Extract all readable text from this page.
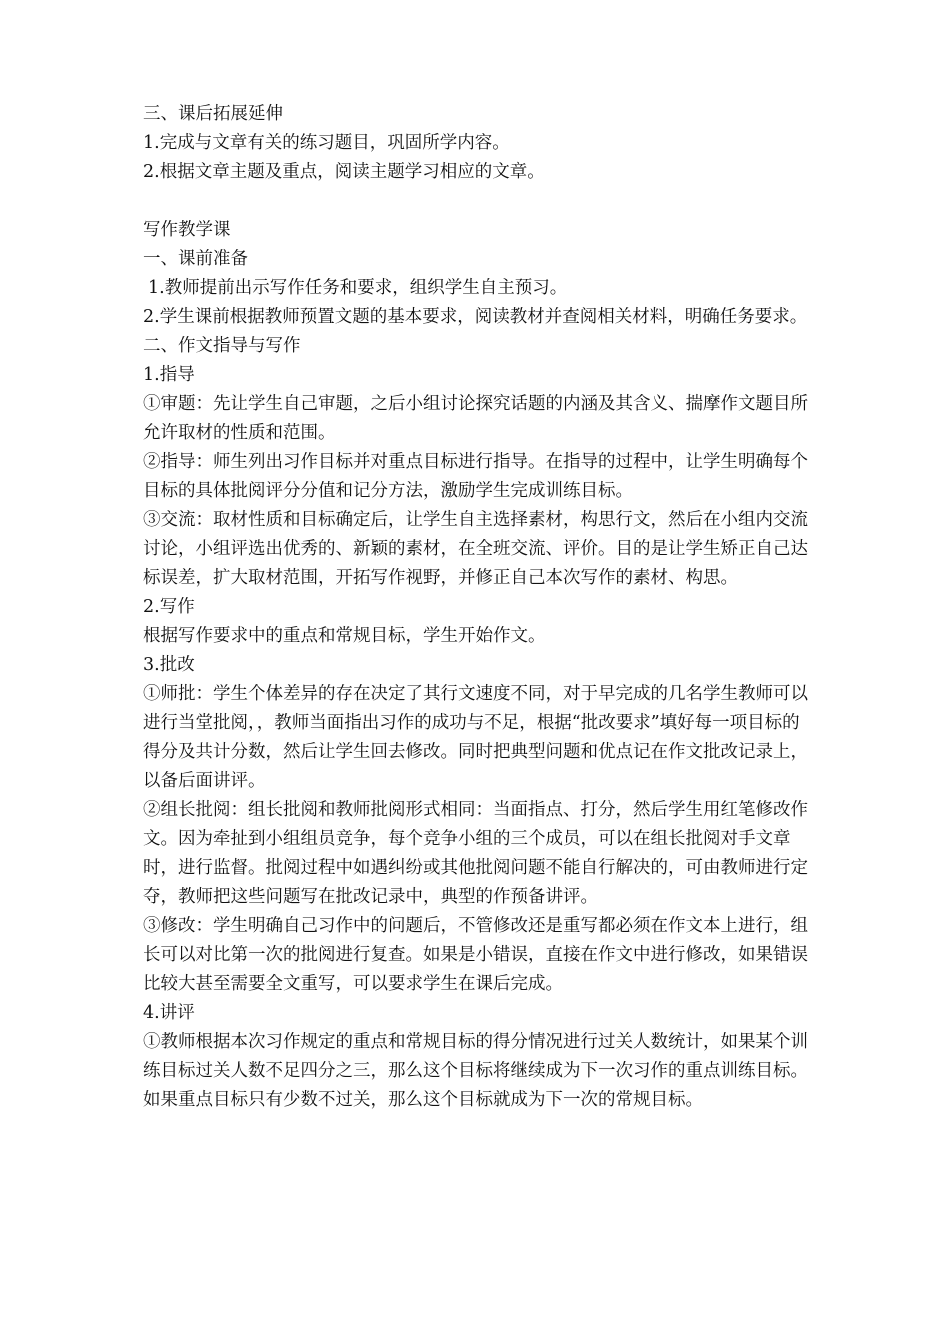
三、课后拓展延伸

1.完成与文章有关的练习题目，巩固所学内容。

2.根据文章主题及重点，阅读主题学习相应的文章。

写作教学课

一、课前准备

1.教师提前出示写作任务和要求，组织学生自主预习。

2.学生课前根据教师预置文题的基本要求，阅读教材并查阅相关材料，明确任务要求。

二、作文指导与写作

1.指导

①审题：先让学生自己审题，之后小组讨论探究话题的内涵及其含义、揣摩作文题目所允许取材的性质和范围。

②指导：师生列出习作目标并对重点目标进行指导。在指导的过程中，让学生明确每个目标的具体批阅评分分值和记分方法，激励学生完成训练目标。

③交流：取材性质和目标确定后，让学生自主选择素材，构思行文，然后在小组内交流讨论，小组评选出优秀的、新颖的素材，在全班交流、评价。目的是让学生矫正自己达标误差，扩大取材范围，开拓写作视野，并修正自己本次写作的素材、构思。

2.写作

根据写作要求中的重点和常规目标，学生开始作文。

3.批改

①师批：学生个体差异的存在决定了其行文速度不同，对于早完成的几名学生教师可以进行当堂批阅，，教师当面指出习作的成功与不足，根据“批改要求”填好每一项目标的得分及共计分数，然后让学生回去修改。同时把典型问题和优点记在作文批改记录上，以备后面讲评。

②组长批阅：组长批阅和教师批阅形式相同：当面指点、打分，然后学生用红笔修改作文。因为牵扯到小组组员竞争，每个竞争小组的三个成员，可以在组长批阅对手文章时，进行监督。批阅过程中如遇纠纷或其他批阅问题不能自行解决的，可由教师进行定夺，教师把这些问题写在批改记录中，典型的作预备讲评。

③修改：学生明确自己习作中的问题后，不管修改还是重写都必须在作文本上进行，组长可以对比第一次的批阅进行复查。如果是小错误，直接在作文中进行修改，如果错误比较大甚至需要全文重写，可以要求学生在课后完成。

4.讲评

①教师根据本次习作规定的重点和常规目标的得分情况进行过关人数统计，如果某个训练目标过关人数不足四分之三，那么这个目标将继续成为下一次习作的重点训练目标。如果重点目标只有少数不过关，那么这个目标就成为下一次的常规目标。
